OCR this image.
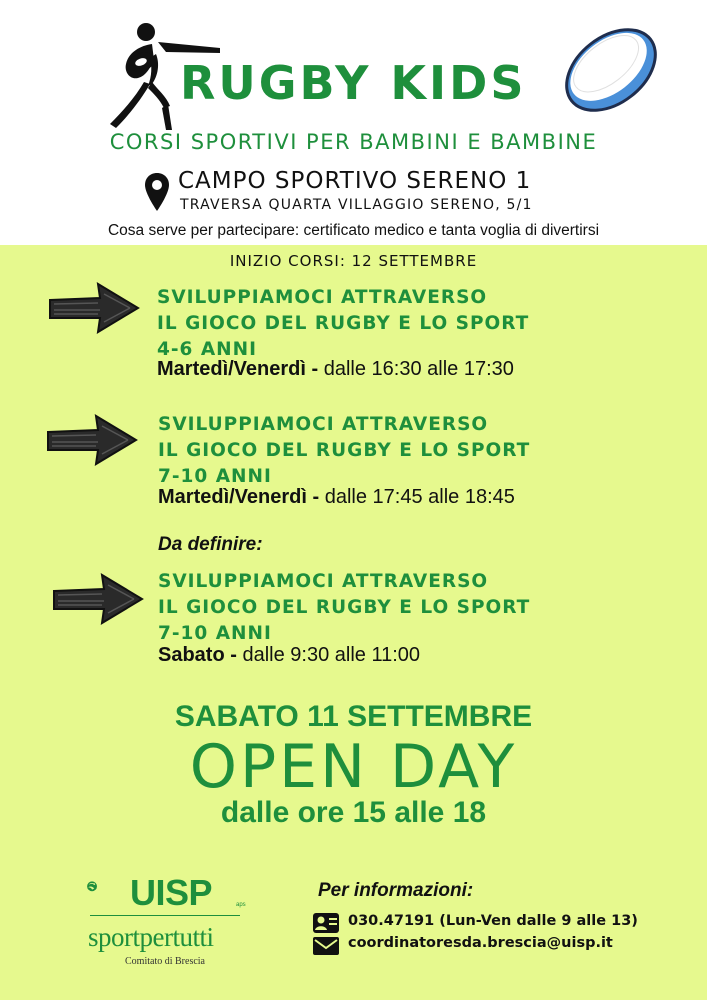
RUGBY KIDS
CORSI SPORTIVI PER BAMBINI E BAMBINE
CAMPO SPORTIVO SERENO 1
TRAVERSA QUARTA VILLAGGIO SERENO, 5/1
Cosa serve per partecipare: certificato medico e tanta voglia di divertirsi
INIZIO CORSI: 12 SETTEMBRE
SVILUPPIAMOCI ATTRAVERSO
IL GIOCO DEL RUGBY E LO SPORT
4-6 ANNI
Martedì/Venerdì - dalle 16:30 alle 17:30
SVILUPPIAMOCI ATTRAVERSO
IL GIOCO DEL RUGBY E LO SPORT
7-10 ANNI
Martedì/Venerdì - dalle 17:45 alle 18:45
Da definire:
SVILUPPIAMOCI ATTRAVERSO
IL GIOCO DEL RUGBY E LO SPORT
7-10 ANNI
Sabato - dalle 9:30 alle 11:00
SABATO 11 SETTEMBRE
OPEN DAY
dalle ore 15 alle 18
UISP	aps
sportpertutti
Comitato di Brescia
Per informazioni:
030.47191 (Lun-Ven dalle 9 alle 13)
coordinatoresda.brescia@uisp.it
